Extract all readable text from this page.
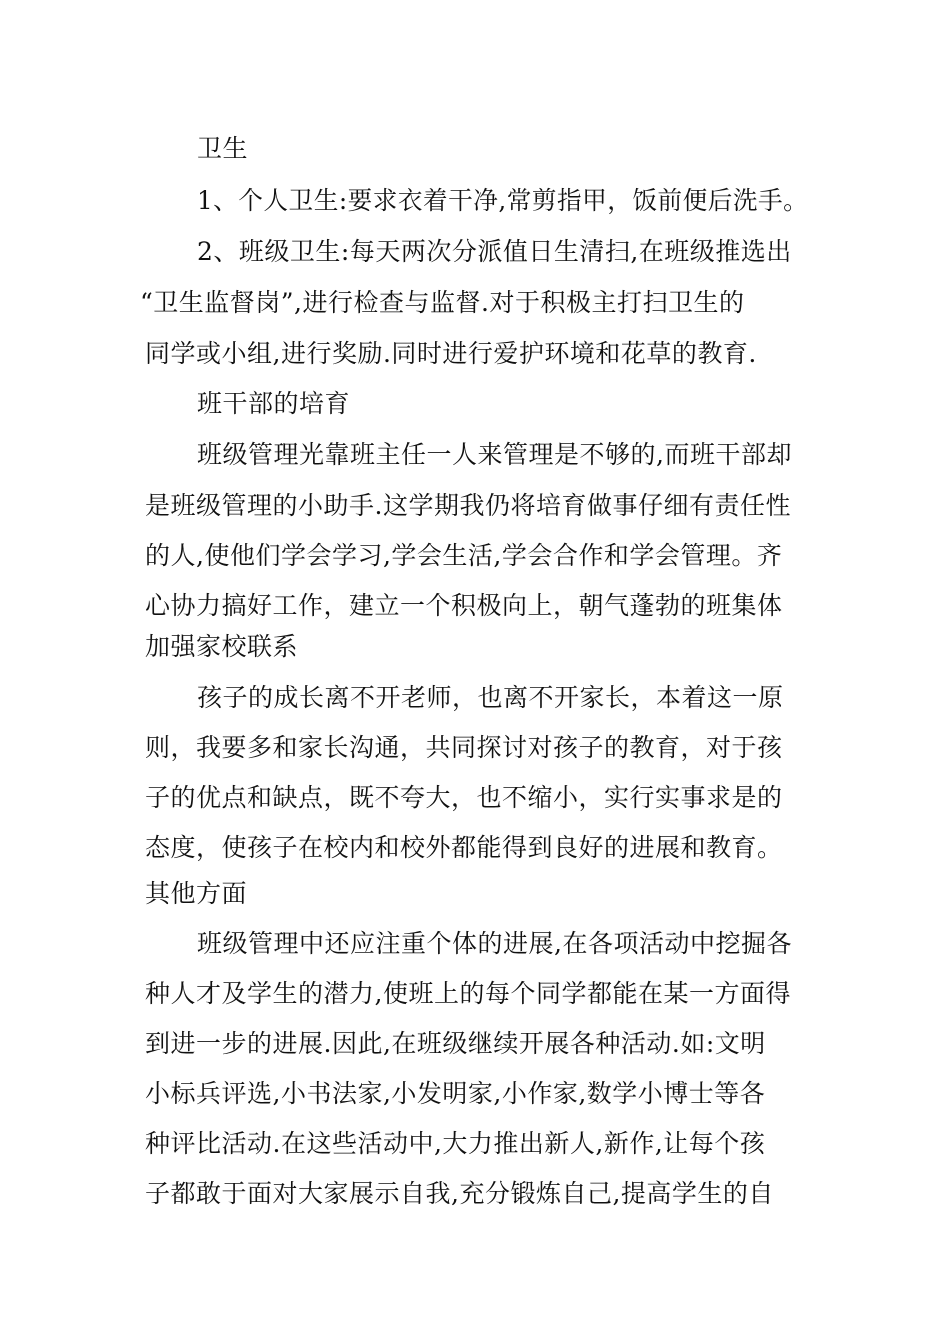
卫生
1、个人卫生:要求衣着干净,常剪指甲，饭前便后洗手。
2、班级卫生:每天两次分派值日生清扫,在班级推选出
“卫生监督岗”,进行检查与监督.对于积极主打扫卫生的
同学或小组,进行奖励.同时进行爱护环境和花草的教育.
班干部的培育
班级管理光靠班主任一人来管理是不够的,而班干部却
是班级管理的小助手.这学期我仍将培育做事仔细有责任性
的人,使他们学会学习,学会生活,学会合作和学会管理。齐
心协力搞好工作，建立一个积极向上，朝气蓬勃的班集体
加强家校联系
孩子的成长离不开老师，也离不开家长，本着这一原
则，我要多和家长沟通，共同探讨对孩子的教育，对于孩
子的优点和缺点，既不夸大，也不缩小，实行实事求是的
态度，使孩子在校内和校外都能得到良好的进展和教育。
其他方面
班级管理中还应注重个体的进展,在各项活动中挖掘各
种人才及学生的潜力,使班上的每个同学都能在某一方面得
到进一步的进展.因此,在班级继续开展各种活动.如:文明
小标兵评选,小书法家,小发明家,小作家,数学小博士等各
种评比活动.在这些活动中,大力推出新人,新作,让每个孩
子都敢于面对大家展示自我,充分锻炼自己,提高学生的自
